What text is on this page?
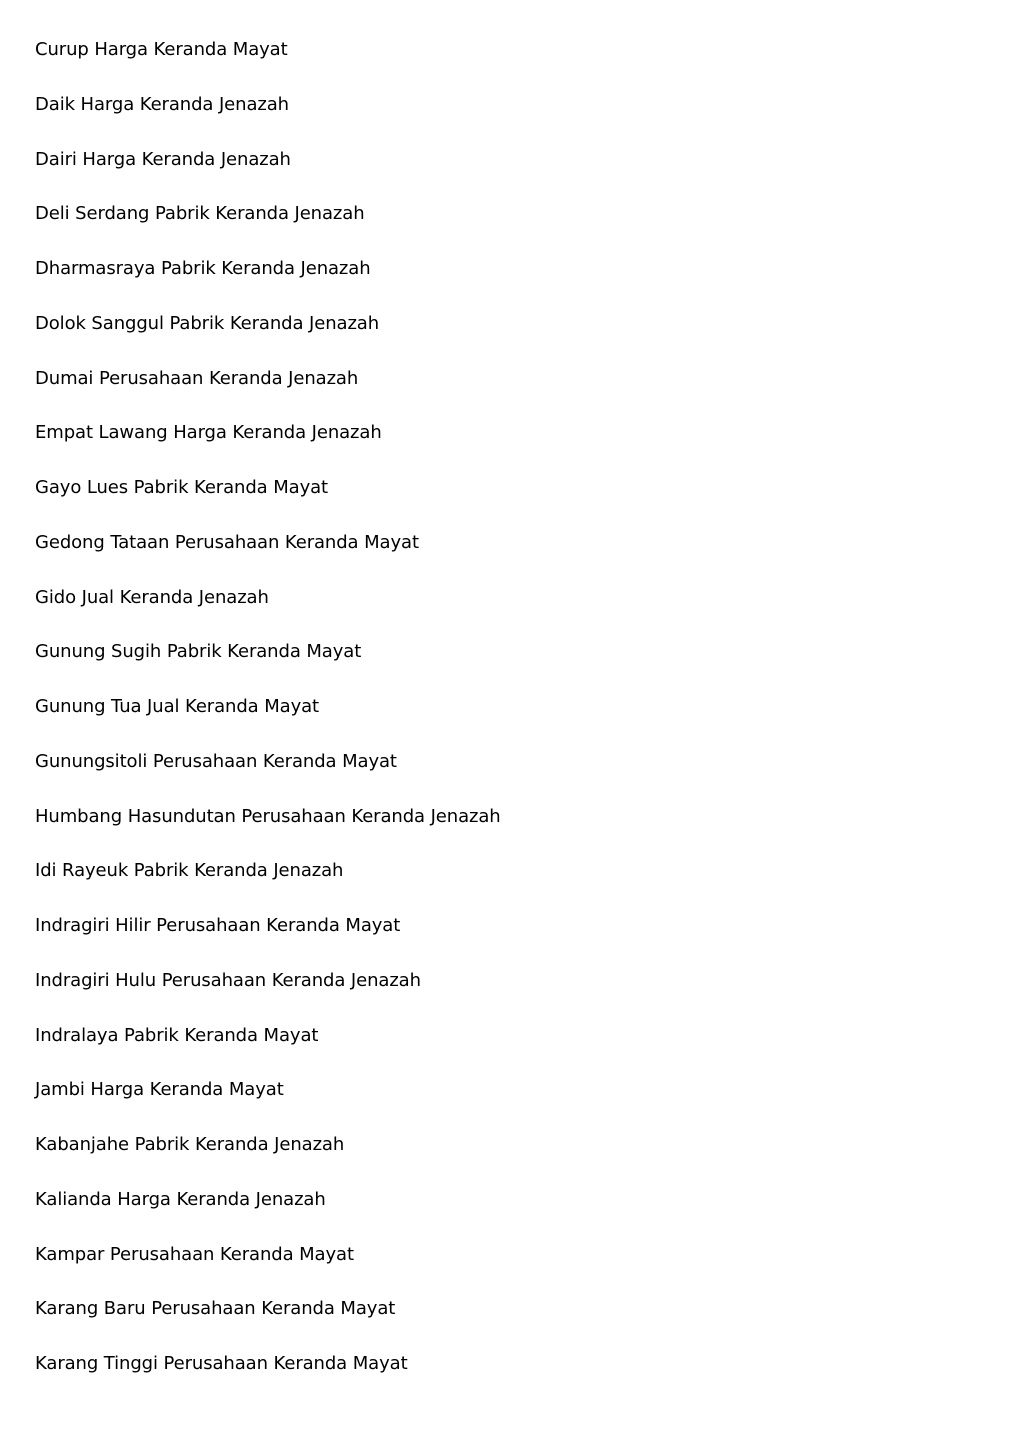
Curup Harga Keranda Mayat
Daik Harga Keranda Jenazah
Dairi Harga Keranda Jenazah
Deli Serdang Pabrik Keranda Jenazah
Dharmasraya Pabrik Keranda Jenazah
Dolok Sanggul Pabrik Keranda Jenazah
Dumai Perusahaan Keranda Jenazah
Empat Lawang Harga Keranda Jenazah
Gayo Lues Pabrik Keranda Mayat
Gedong Tataan Perusahaan Keranda Mayat
Gido Jual Keranda Jenazah
Gunung Sugih Pabrik Keranda Mayat
Gunung Tua Jual Keranda Mayat
Gunungsitoli Perusahaan Keranda Mayat
Humbang Hasundutan Perusahaan Keranda Jenazah
Idi Rayeuk Pabrik Keranda Jenazah
Indragiri Hilir Perusahaan Keranda Mayat
Indragiri Hulu Perusahaan Keranda Jenazah
Indralaya Pabrik Keranda Mayat
Jambi Harga Keranda Mayat
Kabanjahe Pabrik Keranda Jenazah
Kalianda Harga Keranda Jenazah
Kampar Perusahaan Keranda Mayat
Karang Baru Perusahaan Keranda Mayat
Karang Tinggi Perusahaan Keranda Mayat
